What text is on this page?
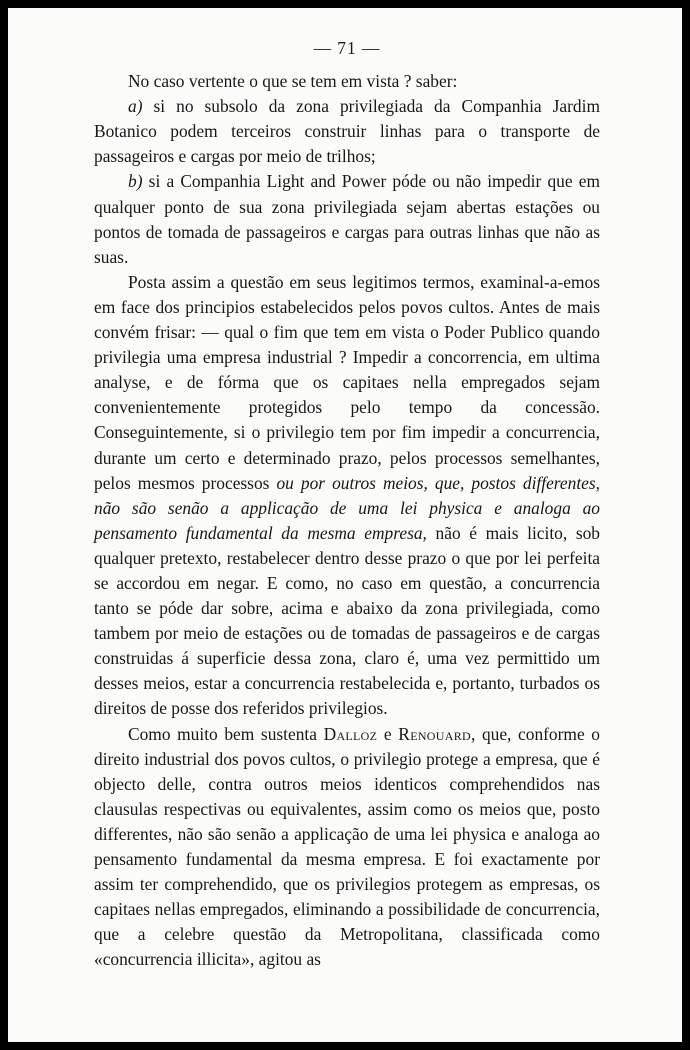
— 71 —

No caso vertente o que se tem em vista ? saber:

a) si no subsolo da zona privilegiada da Companhia Jardim Botanico podem terceiros construir linhas para o transporte de passageiros e cargas por meio de trilhos;

b) si a Companhia Light and Power póde ou não impedir que em qualquer ponto de sua zona privilegiada sejam abertas estações ou pontos de tomada de passageiros e cargas para outras linhas que não as suas.

Posta assim a questão em seus legitimos termos, examinal-a-emos em face dos principios estabelecidos pelos povos cultos. Antes de mais convém frisar: — qual o fim que tem em vista o Poder Publico quando privilegia uma empresa industrial ? Impedir a concorrencia, em ultima analyse, e de fórma que os capitaes nella empregados sejam convenientemente protegidos pelo tempo da concessão. Conseguintemente, si o privilegio tem por fim impedir a concurrencia, durante um certo e determinado prazo, pelos processos semelhantes, pelos mesmos processos ou por outros meios, que, postos differentes, não são senão a applicação de uma lei physica e analoga ao pensamento fundamental da mesma empresa, não é mais licito, sob qualquer pretexto, restabelecer dentro desse prazo o que por lei perfeita se accordou em negar. E como, no caso em questão, a concurrencia tanto se póde dar sobre, acima e abaixo da zona privilegiada, como tambem por meio de estações ou de tomadas de passageiros e de cargas construidas á superficie dessa zona, claro é, uma vez permittido um desses meios, estar a concurrencia restabelecida e, portanto, turbados os direitos de posse dos referidos privilegios.

Como muito bem sustenta Dalloz e Renouard, que, conforme o direito industrial dos povos cultos, o privilegio protege a empresa, que é objecto delle, contra outros meios identicos comprehendidos nas clausulas respectivas ou equivalentes, assim como os meios que, posto differentes, não são senão a applicação de uma lei physica e analoga ao pensamento fundamental da mesma empresa. E foi exactamente por assim ter comprehendido, que os privilegios protegem as empresas, os capitaes nellas empregados, eliminando a possibilidade de concurrencia, que a celebre questão da Metropolitana, classificada como «concurrencia illicita», agitou as
